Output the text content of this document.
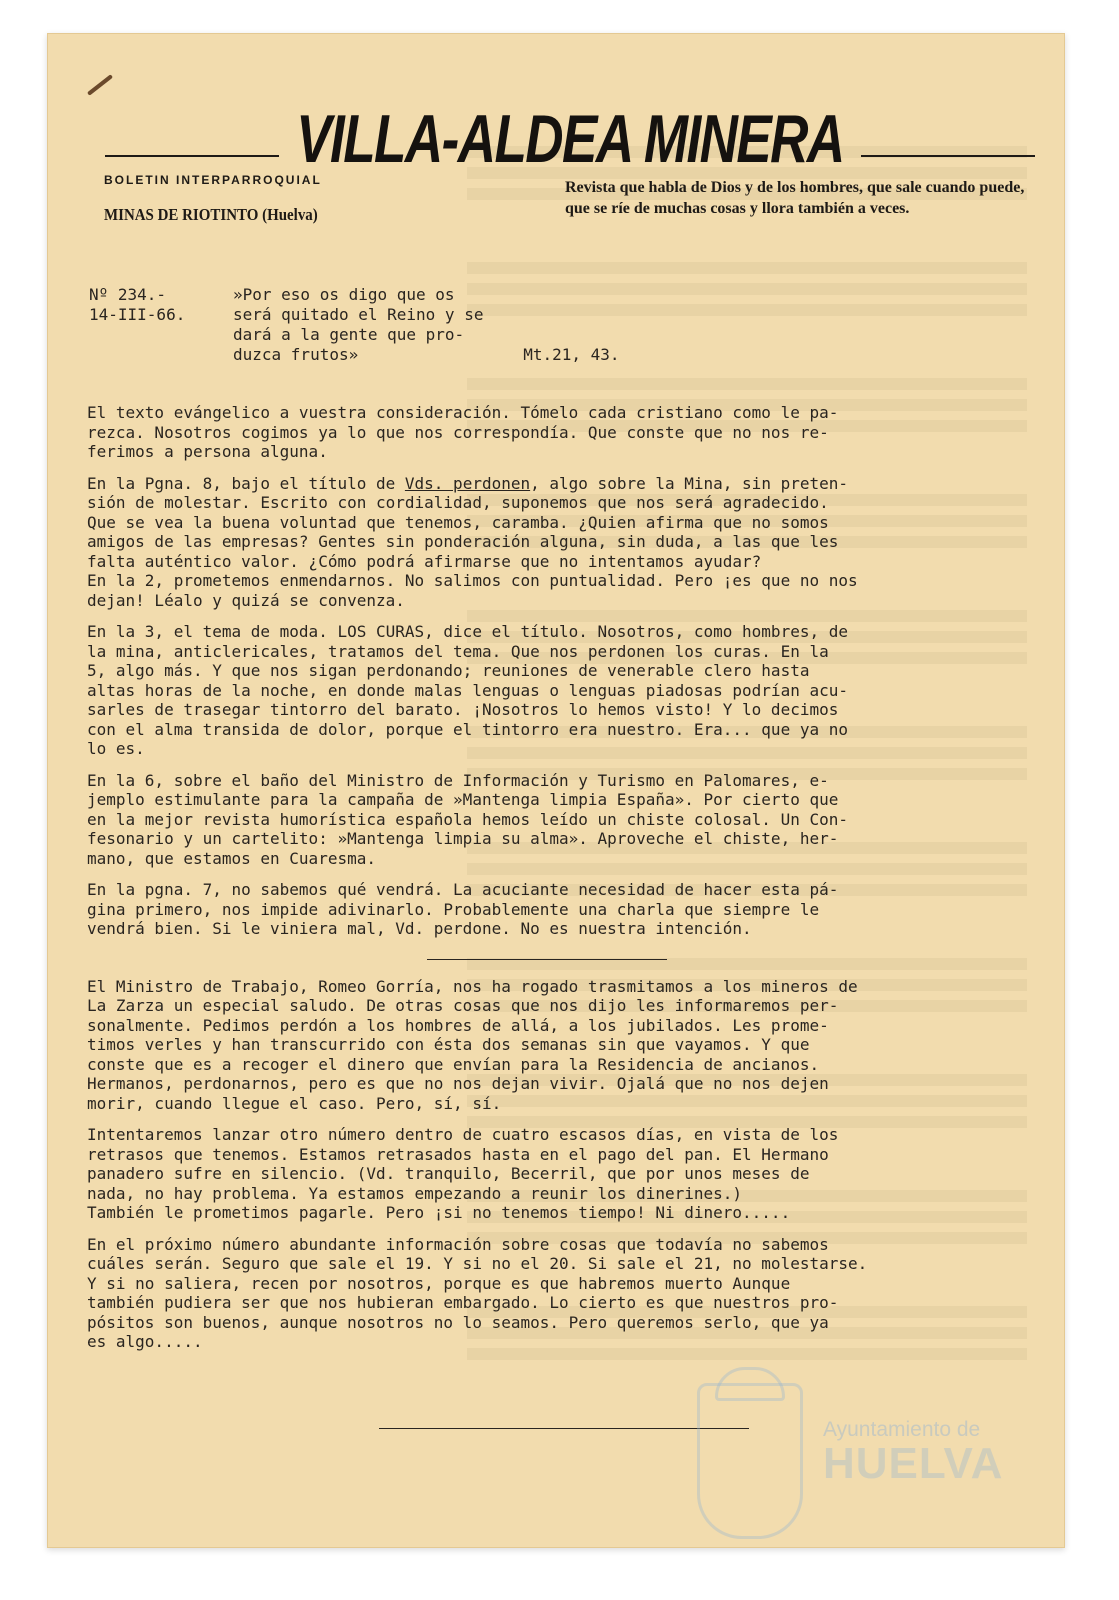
VILLA-ALDEA MINERA
BOLETIN INTERPARROQUIAL
MINAS DE RIOTINTO (Huelva)
Revista que habla de Dios y de los hombres, que sale cuando puede, que se ríe de muchas cosas y llora también a veces.
Nº 234.-
14-III-66.
»Por eso os digo que os
será quitado el Reino y se
dará a la gente que pro-
duzca frutos»	Mt.21, 43.

El texto evángelico a vuestra consideración. Tómelo cada cristiano como le pa-
rezca. Nosotros cogimos ya lo que nos correspondía. Que conste que no nos re-
ferimos a persona alguna.

En la Pgna. 8, bajo el título de Vds. perdonen, algo sobre la Mina, sin preten-
sión de molestar. Escrito con cordialidad, suponemos que nos será agradecido.
Que se vea la buena voluntad que tenemos, caramba. ¿Quien afirma que no somos
amigos de las empresas? Gentes sin ponderación alguna, sin duda, a las que les
falta auténtico valor. ¿Cómo podrá afirmarse que no intentamos ayudar?
En la 2, prometemos enmendarnos. No salimos con puntualidad. Pero ¡es que no nos
dejan! Léalo y quizá se convenza.

En la 3, el tema de moda. LOS CURAS, dice el título. Nosotros, como hombres, de
la mina, anticlericales, tratamos del tema. Que nos perdonen los curas. En la
5, algo más. Y que nos sigan perdonando; reuniones de venerable clero hasta
altas horas de la noche, en donde malas lenguas o lenguas piadosas podrían acu-
sarles de trasegar tintorro del barato. ¡Nosotros lo hemos visto! Y lo decimos
con el alma transida de dolor, porque el tintorro era nuestro. Era... que ya no
lo es.

En la 6, sobre el baño del Ministro de Información y Turismo en Palomares, e-
jemplo estimulante para la campaña de »Mantenga limpia España». Por cierto que
en la mejor revista humorística española hemos leído un chiste colosal. Un Con-
fesonario y un cartelito: »Mantenga limpia su alma». Aproveche el chiste, her-
mano, que estamos en Cuaresma.

En la pgna. 7, no sabemos qué vendrá. La acuciante necesidad de hacer esta pá-
gina primero, nos impide adivinarlo. Probablemente una charla que siempre le
vendrá bien. Si le viniera mal, Vd. perdone. No es nuestra intención.

El Ministro de Trabajo, Romeo Gorría, nos ha rogado trasmitamos a los mineros de
La Zarza un especial saludo. De otras cosas que nos dijo les informaremos per-
sonalmente. Pedimos perdón a los hombres de allá, a los jubilados. Les prome-
timos verles y han transcurrido con ésta dos semanas sin que vayamos. Y que
conste que es a recoger el dinero que envían para la Residencia de ancianos.
Hermanos, perdonarnos, pero es que no nos dejan vivir. Ojalá que no nos dejen
morir, cuando llegue el caso. Pero, sí, sí.

Intentaremos lanzar otro número dentro de cuatro escasos días, en vista de los
retrasos que tenemos. Estamos retrasados hasta en el pago del pan. El Hermano
panadero sufre en silencio. (Vd. tranquilo, Becerril, que por unos meses de
nada, no hay problema. Ya estamos empezando a reunir los dinerines.)
También le prometimos pagarle. Pero ¡si no tenemos tiempo! Ni dinero.....

En el próximo número abundante información sobre cosas que todavía no sabemos
cuáles serán. Seguro que sale el 19. Y si no el 20. Si sale el 21, no molestarse.
Y si no saliera, recen por nosotros, porque es que habremos muerto Aunque
también pudiera ser que nos hubieran embargado. Lo cierto es que nuestros pro-
pósitos son buenos, aunque nosotros no lo seamos. Pero queremos serlo, que ya
es algo.....

Ayuntamiento de
HUELVA
